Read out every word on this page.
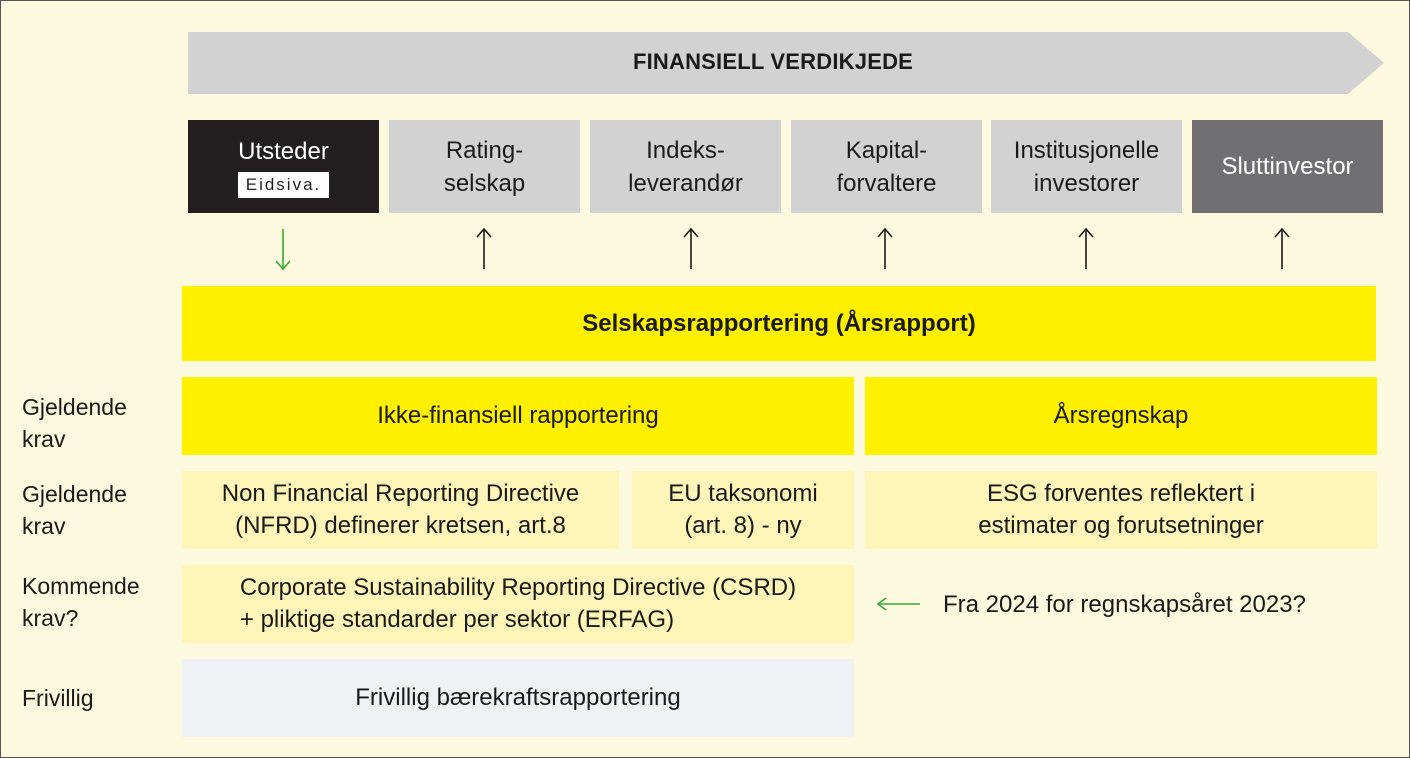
FINANSIELL VERDIKJEDE
Utsteder
Eidsiva.
Rating-
selskap
Indeks-
leverandør
Kapital-
forvaltere
Institusjonelle
investorer
Sluttinvestor
Selskapsrapportering (Årsrapport)
Gjeldende
krav
Gjeldende
krav
Kommende
krav?
Frivillig
Ikke-finansiell rapportering	Årsregnskap
Non Financial Reporting Directive
(NFRD) definerer kretsen, art.8
EU taksonomi
(art. 8) - ny
ESG forventes reflektert i
estimater og forutsetninger
Corporate Sustainability Reporting Directive (CSRD)
+ pliktige standarder per sektor (ERFAG)
Fra 2024 for regnskapsåret 2023?
Frivillig bærekraftsrapportering
